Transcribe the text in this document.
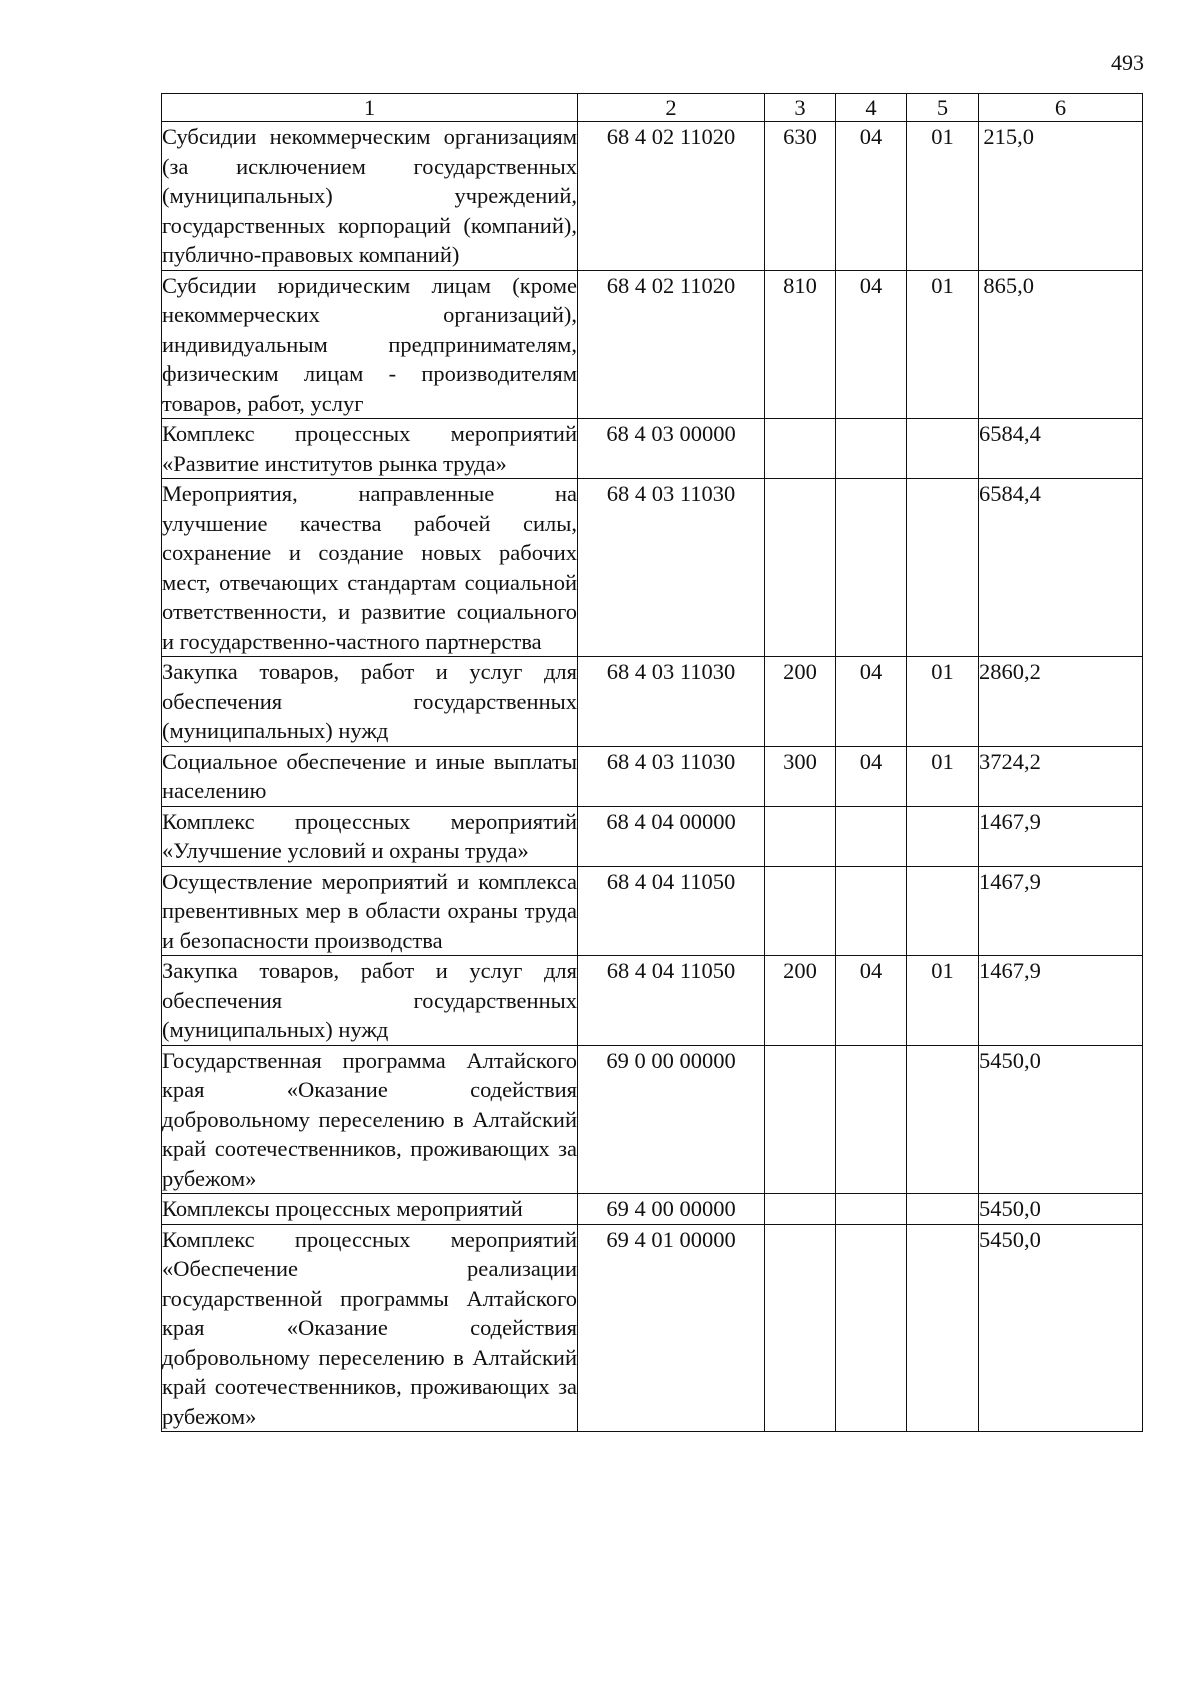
493
1	2	3	4	5	6
Субсидии некоммерческим организациям (за исключением государственных (муниципальных) учреждений, государственных корпораций (компаний), публично-правовых компаний)	68 4 02 11020	630	04	01	215,0
Субсидии юридическим лицам (кроме некоммерческих организаций), индивидуальным предпринимателям, физическим лицам - производителям товаров, работ, услуг	68 4 02 11020	810	04	01	865,0
Комплекс процессных мероприятий «Развитие институтов рынка труда»	68 4 03 00000				6584,4
Мероприятия, направленные на улучшение качества рабочей силы, сохранение и создание новых рабочих мест, отвечающих стандартам социальной ответственности, и развитие социального и государственно-частного партнерства	68 4 03 11030				6584,4
Закупка товаров, работ и услуг для обеспечения государственных (муниципальных) нужд	68 4 03 11030	200	04	01	2860,2
Социальное обеспечение и иные выплаты населению	68 4 03 11030	300	04	01	3724,2
Комплекс процессных мероприятий «Улучшение условий и охраны труда»	68 4 04 00000				1467,9
Осуществление мероприятий и комплекса превентивных мер в области охраны труда и безопасности производства	68 4 04 11050				1467,9
Закупка товаров, работ и услуг для обеспечения государственных (муниципальных) нужд	68 4 04 11050	200	04	01	1467,9
Государственная программа Алтайского края «Оказание содействия добровольному переселению в Алтайский край соотечественников, проживающих за рубежом»	69 0 00 00000				5450,0
Комплексы процессных мероприятий	69 4 00 00000				5450,0
Комплекс процессных мероприятий «Обеспечение реализации государственной программы Алтайского края «Оказание содействия добровольному переселению в Алтайский край соотечественников, проживающих за рубежом»	69 4 01 00000				5450,0
